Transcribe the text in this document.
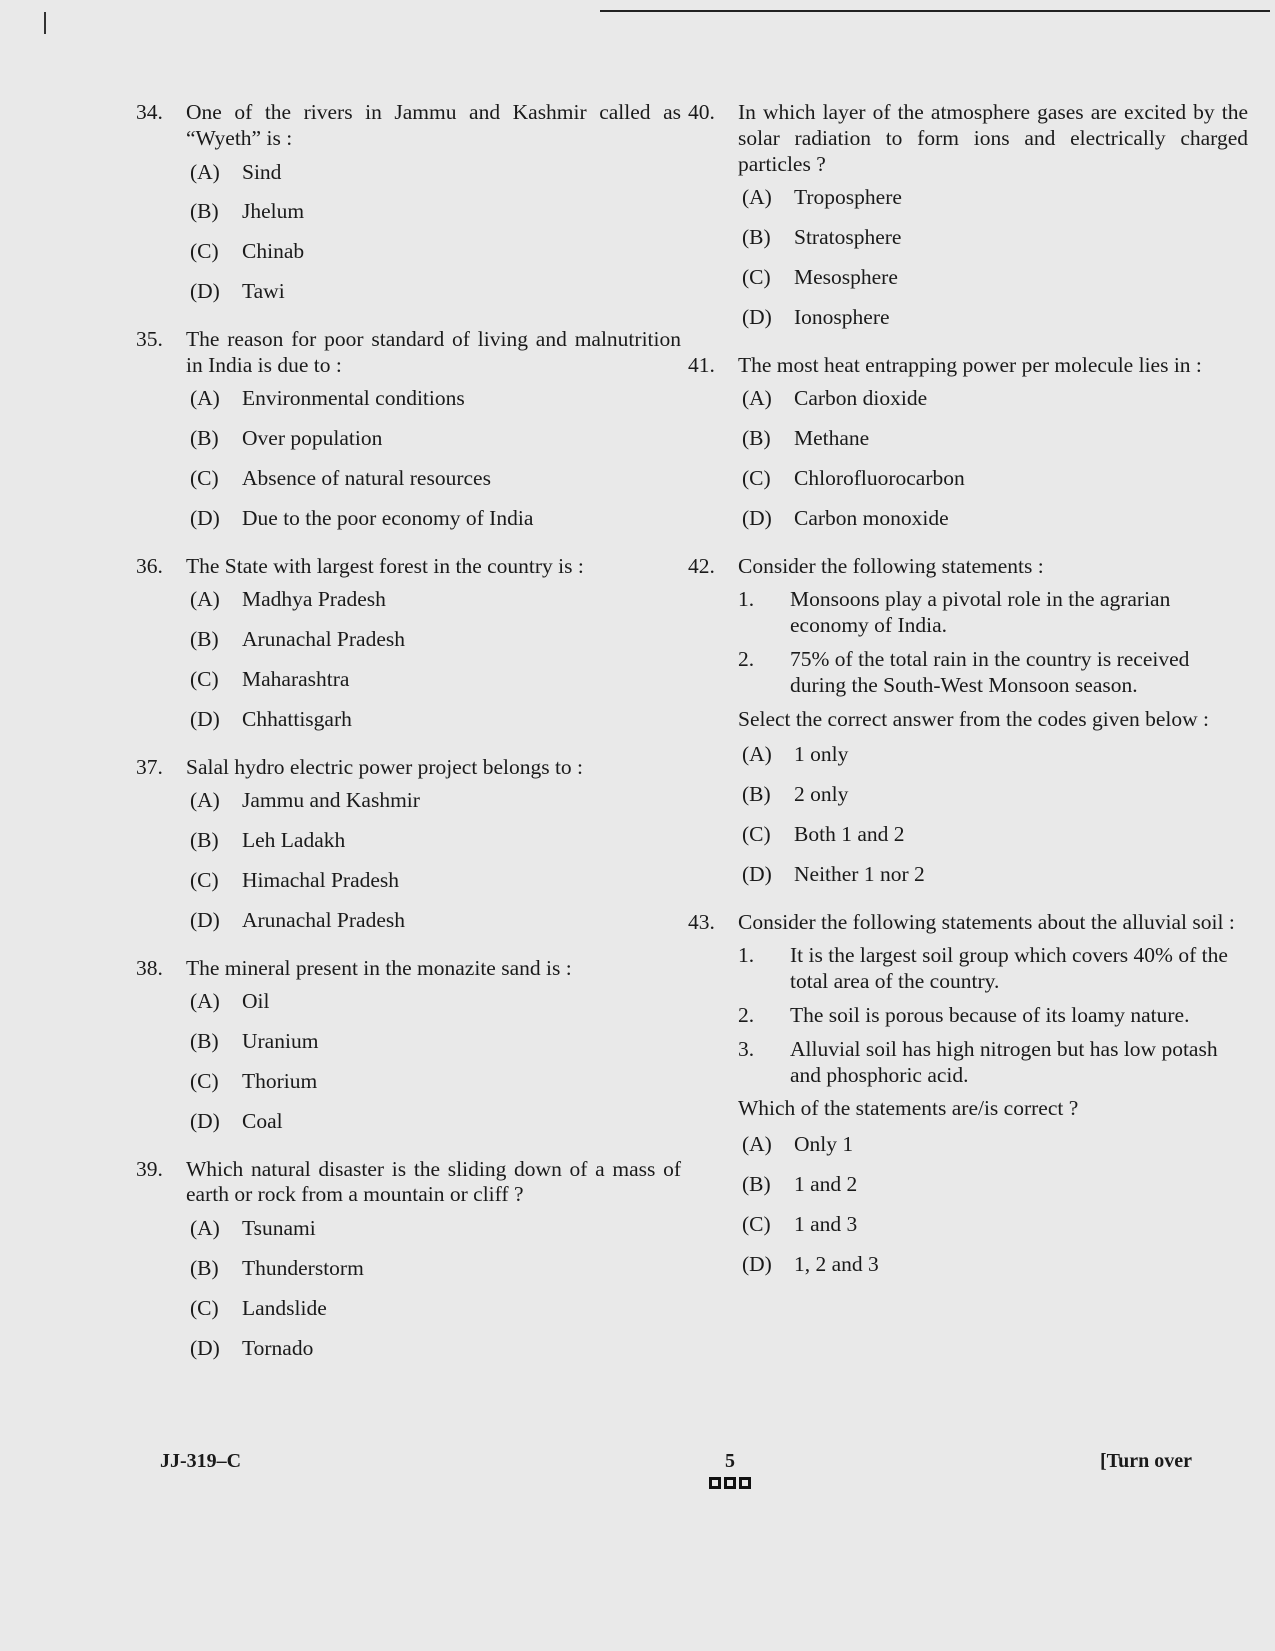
34.	One of the rivers in Jammu and Kashmir called as “Wyeth” is :
(A)	Sind
(B)	Jhelum
(C)	Chinab
(D)	Tawi
35.	The reason for poor standard of living and malnutrition in India is due to :
(A)	Environmental conditions
(B)	Over population
(C)	Absence of natural resources
(D)	Due to the poor economy of India
36.	The State with largest forest in the country is :
(A)	Madhya Pradesh
(B)	Arunachal Pradesh
(C)	Maharashtra
(D)	Chhattisgarh
37.	Salal hydro electric power project belongs to :
(A)	Jammu and Kashmir
(B)	Leh Ladakh
(C)	Himachal Pradesh
(D)	Arunachal Pradesh
38.	The mineral present in the monazite sand is :
(A)	Oil
(B)	Uranium
(C)	Thorium
(D)	Coal
39.	Which natural disaster is the sliding down of a mass of earth or rock from a mountain or cliff ?
(A)	Tsunami
(B)	Thunderstorm
(C)	Landslide
(D)	Tornado
40.	In which layer of the atmosphere gases are excited by the solar radiation to form ions and electrically charged particles ?
(A)	Troposphere
(B)	Stratosphere
(C)	Mesosphere
(D)	Ionosphere
41.	The most heat entrapping power per molecule lies in :
(A)	Carbon dioxide
(B)	Methane
(C)	Chlorofluorocarbon
(D)	Carbon monoxide
42.	Consider the following statements :
1.	Monsoons play a pivotal role in the agrarian economy of India.
2.	75% of the total rain in the country is received during the South-West Monsoon season.
Select the correct answer from the codes given below :
(A)	1 only
(B)	2 only
(C)	Both 1 and 2
(D)	Neither 1 nor 2
43.	Consider the following statements about the alluvial soil :
1.	It is the largest soil group which covers 40% of the total area of the country.
2.	The soil is porous because of its loamy nature.
3.	Alluvial soil has high nitrogen but has low potash and phosphoric acid.
Which of the statements are/is correct ?
(A)	Only 1
(B)	1 and 2
(C)	1 and 3
(D)	1, 2 and 3
JJ-319–C	5	[Turn over
